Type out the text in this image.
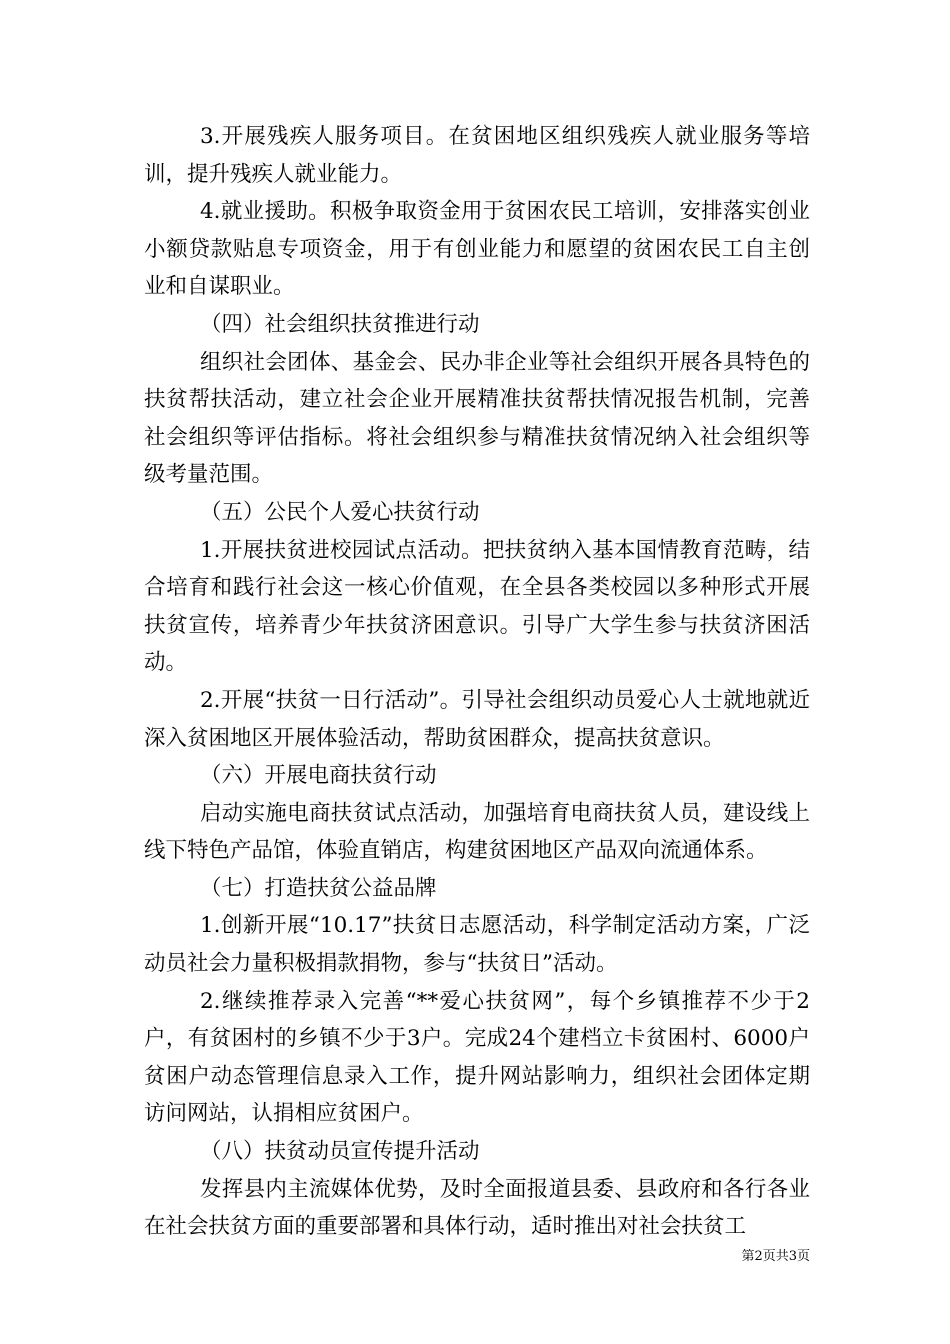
3.开展残疾人服务项目。在贫困地区组织残疾人就业服务等培训，提升残疾人就业能力。

4.就业援助。积极争取资金用于贫困农民工培训，安排落实创业小额贷款贴息专项资金，用于有创业能力和愿望的贫困农民工自主创业和自谋职业。

（四）社会组织扶贫推进行动

组织社会团体、基金会、民办非企业等社会组织开展各具特色的扶贫帮扶活动，建立社会企业开展精准扶贫帮扶情况报告机制，完善社会组织等评估指标。将社会组织参与精准扶贫情况纳入社会组织等级考量范围。

（五）公民个人爱心扶贫行动

1.开展扶贫进校园试点活动。把扶贫纳入基本国情教育范畴，结合培育和践行社会这一核心价值观，在全县各类校园以多种形式开展扶贫宣传，培养青少年扶贫济困意识。引导广大学生参与扶贫济困活动。

2.开展“扶贫一日行活动”。引导社会组织动员爱心人士就地就近深入贫困地区开展体验活动，帮助贫困群众，提高扶贫意识。

（六）开展电商扶贫行动

启动实施电商扶贫试点活动，加强培育电商扶贫人员，建设线上线下特色产品馆，体验直销店，构建贫困地区产品双向流通体系。

（七）打造扶贫公益品牌

1.创新开展“10.17”扶贫日志愿活动，科学制定活动方案，广泛动员社会力量积极捐款捐物，参与“扶贫日”活动。

2.继续推荐录入完善“**爱心扶贫网”，每个乡镇推荐不少于2户，有贫困村的乡镇不少于3户。完成24个建档立卡贫困村、6000户贫困户动态管理信息录入工作，提升网站影响力，组织社会团体定期访问网站，认捐相应贫困户。

（八）扶贫动员宣传提升活动

发挥县内主流媒体优势，及时全面报道县委、县政府和各行各业在社会扶贫方面的重要部署和具体行动，适时推出对社会扶贫工

第2页共3页
